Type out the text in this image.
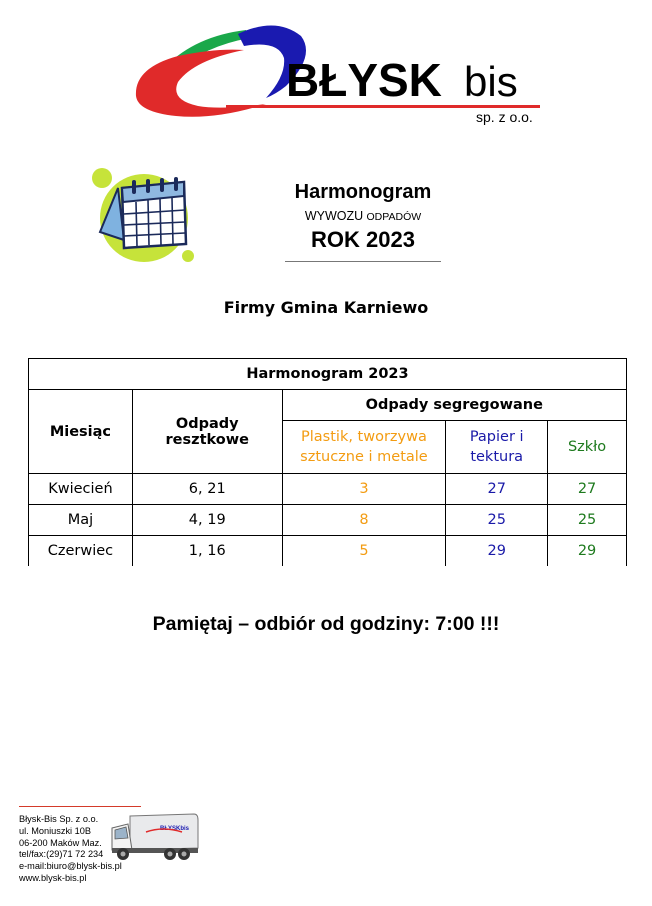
BŁYSK bis
sp. z o.o.
Harmonogram
WYWOZU ODPADÓW
ROK 2023
Firmy Gmina Karniewo
Harmonogram 2023				
Miesiąc	Odpady resztkowe	Odpady segregowane		
		Plastik, tworzywa sztuczne i metale	Papier i tektura	Szkło
Kwiecień	6, 21	3	27	27
Maj	4, 19	8	25	25
Czerwiec	1, 16	5	29	29
Pamiętaj – odbiór od godziny: 7:00 !!!
Błysk-Bis Sp. z o.o.
ul. Moniuszki 10B
06-200 Maków Maz.
tel/fax:(29)71 72 234
e-mail:biuro@blysk-bis.pl
www.blysk-bis.pl
BŁYSKbis
